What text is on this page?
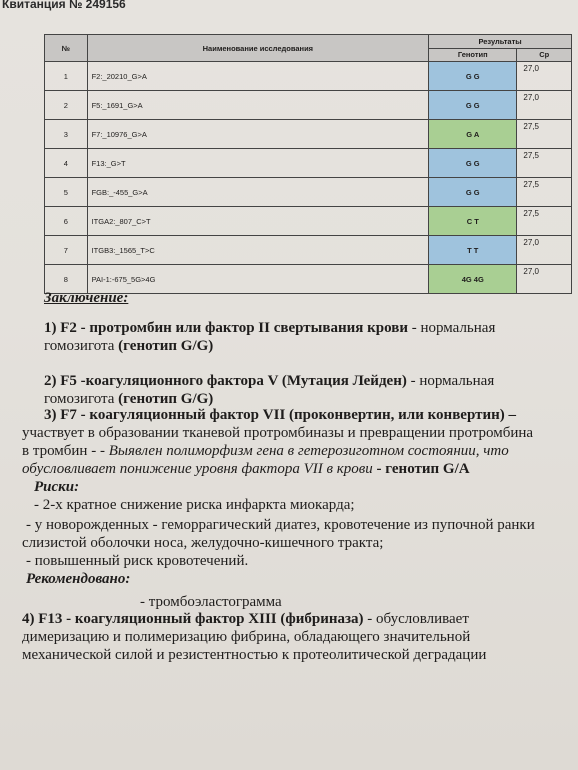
Квитанция № 249156
№	Наименование исследования	Результаты	
		Генотип	Cp
1	F2:_20210_G>A	G G	27,0
2	F5:_1691_G>A	G G	27,0
3	F7:_10976_G>A	G A	27,5
4	F13:_G>T	G G	27,5
5	FGB:_-455_G>A	G G	27,5
6	ITGA2:_807_C>T	C T	27,5
7	ITGB3:_1565_T>C	T T	27,0
8	PAI-1:-675_5G>4G	4G 4G	27,0
Заключение:
1) F2 - протромбин или фактор II свертывания крови - нормальная
гомозигота (генотип G/G)
2) F5 -коагуляционного фактора V (Мутация Лейден) - нормальная
гомозигота (генотип G/G)
3) F7 - коагуляционный фактор VII (проконвертин, или конвертин) –
участвует в образовании тканевой протромбиназы и превращении протромбина
в тромбин - - Выявлен полиморфизм гена в гетерозиготном состоянии, что
обусловливает понижение уровня фактора VII в крови - генотип G/A
Риски:
- 2-х кратное снижение риска инфаркта миокарда;
- у новорожденных - геморрагический диатез, кровотечение из пупочной ранки
слизистой оболочки носа, желудочно-кишечного тракта;
- повышенный риск кровотечений.
Рекомендовано:
- тромбоэластограмма
4) F13 - коагуляционный фактор XIII (фибриназа) - обусловливает
димеризацию и полимеризацию фибрина, обладающего значительной
механической силой и резистентностью к протеолитической деградации
